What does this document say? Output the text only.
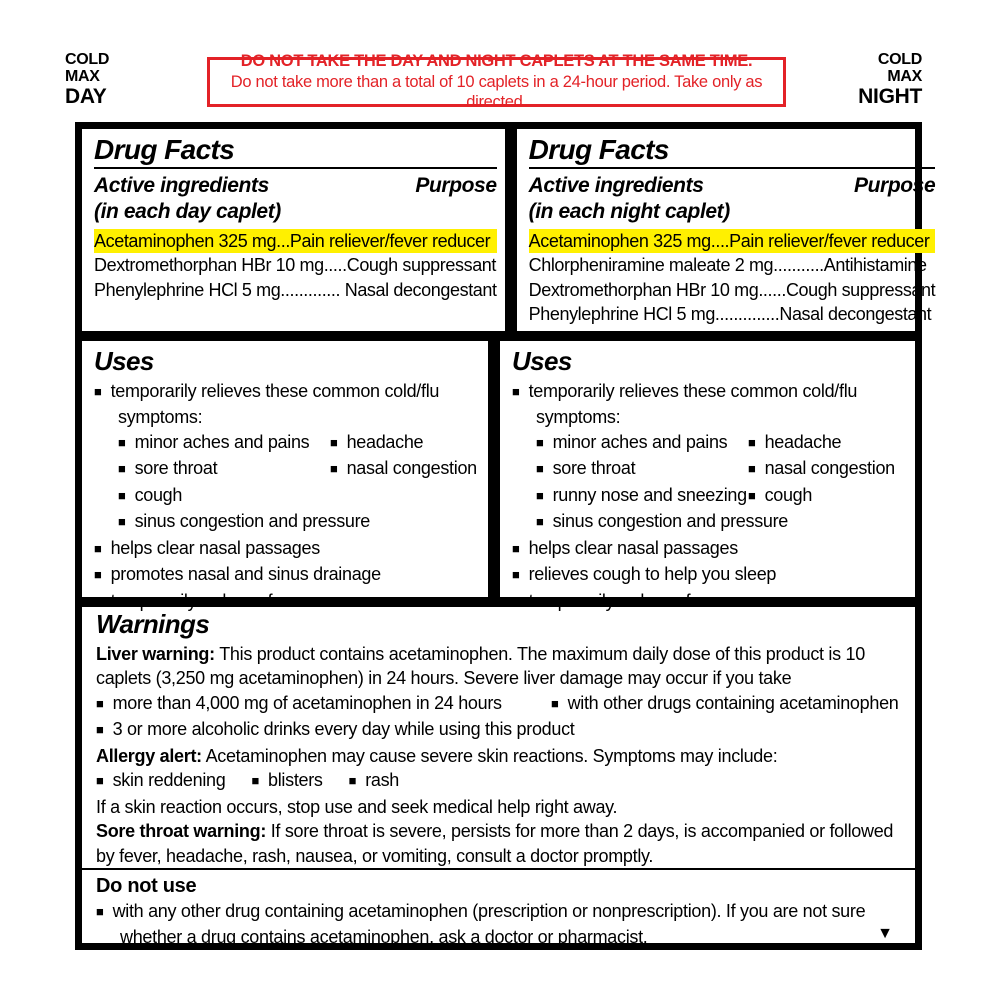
COLD
MAX
DAY
DO NOT TAKE THE DAY AND NIGHT CAPLETS AT THE SAME TIME.
Do not take more than a total of 10 caplets in a 24-hour period. Take only as directed.
COLD
MAX
NIGHT
Drug Facts
Active ingredients	Purpose
(in each day caplet)
Acetaminophen 325 mg...Pain reliever/fever reducer
Dextromethorphan HBr 10 mg.....Cough suppressant
Phenylephrine HCl 5 mg............. Nasal decongestant
Drug Facts
Active ingredients	Purpose
(in each night caplet)
Acetaminophen 325 mg....Pain reliever/fever reducer
Chlorpheniramine maleate 2 mg...........Antihistamine
Dextromethorphan HBr 10 mg......Cough suppressant
Phenylephrine HCl 5 mg..............Nasal decongestant
Uses

■ temporarily relieves these common cold/flu symptoms:

■ minor aches and pains	■ headache

■ sore throat	■ nasal congestion

■ cough

■ sinus congestion and pressure

■ helps clear nasal passages

■ promotes nasal and sinus drainage

■

Uses

■ temporarily relieves these common cold/flu symptoms:

■ minor aches and pains	■ headache

■ sore throat	■ nasal congestion

■ runny nose and sneezing ■ cough

■ sinus congestion and pressure

■ helps clear nasal passages

■ relieves cough to help you sleep

■

Warnings

Liver warning: This product contains acetaminophen. The maximum daily dose of this product is 10 caplets (3,250 mg acetaminophen) in 24 hours. Severe liver damage may occur if you take

■ more than 4,000 mg of acetaminophen in 24 hours	■ with other drugs containing acetaminophen

■ 3 or more alcoholic drinks every day while using this product

Allergy alert: Acetaminophen may cause severe skin reactions. Symptoms may include:

■ skin reddening	■ blisters	■ rash

If a skin reaction occurs, stop use and seek medical help right away.

Sore throat warning: If sore throat is severe, persists for more than 2 days, is accompanied or followed by fever, headache, rash, nausea, or vomiting, consult a doctor promptly.

Do not use

■ with any other drug containing acetaminophen (prescription or nonprescription). If you are not sure whether a drug contains acetaminophen, ask a doctor or pharmacist.	▼
